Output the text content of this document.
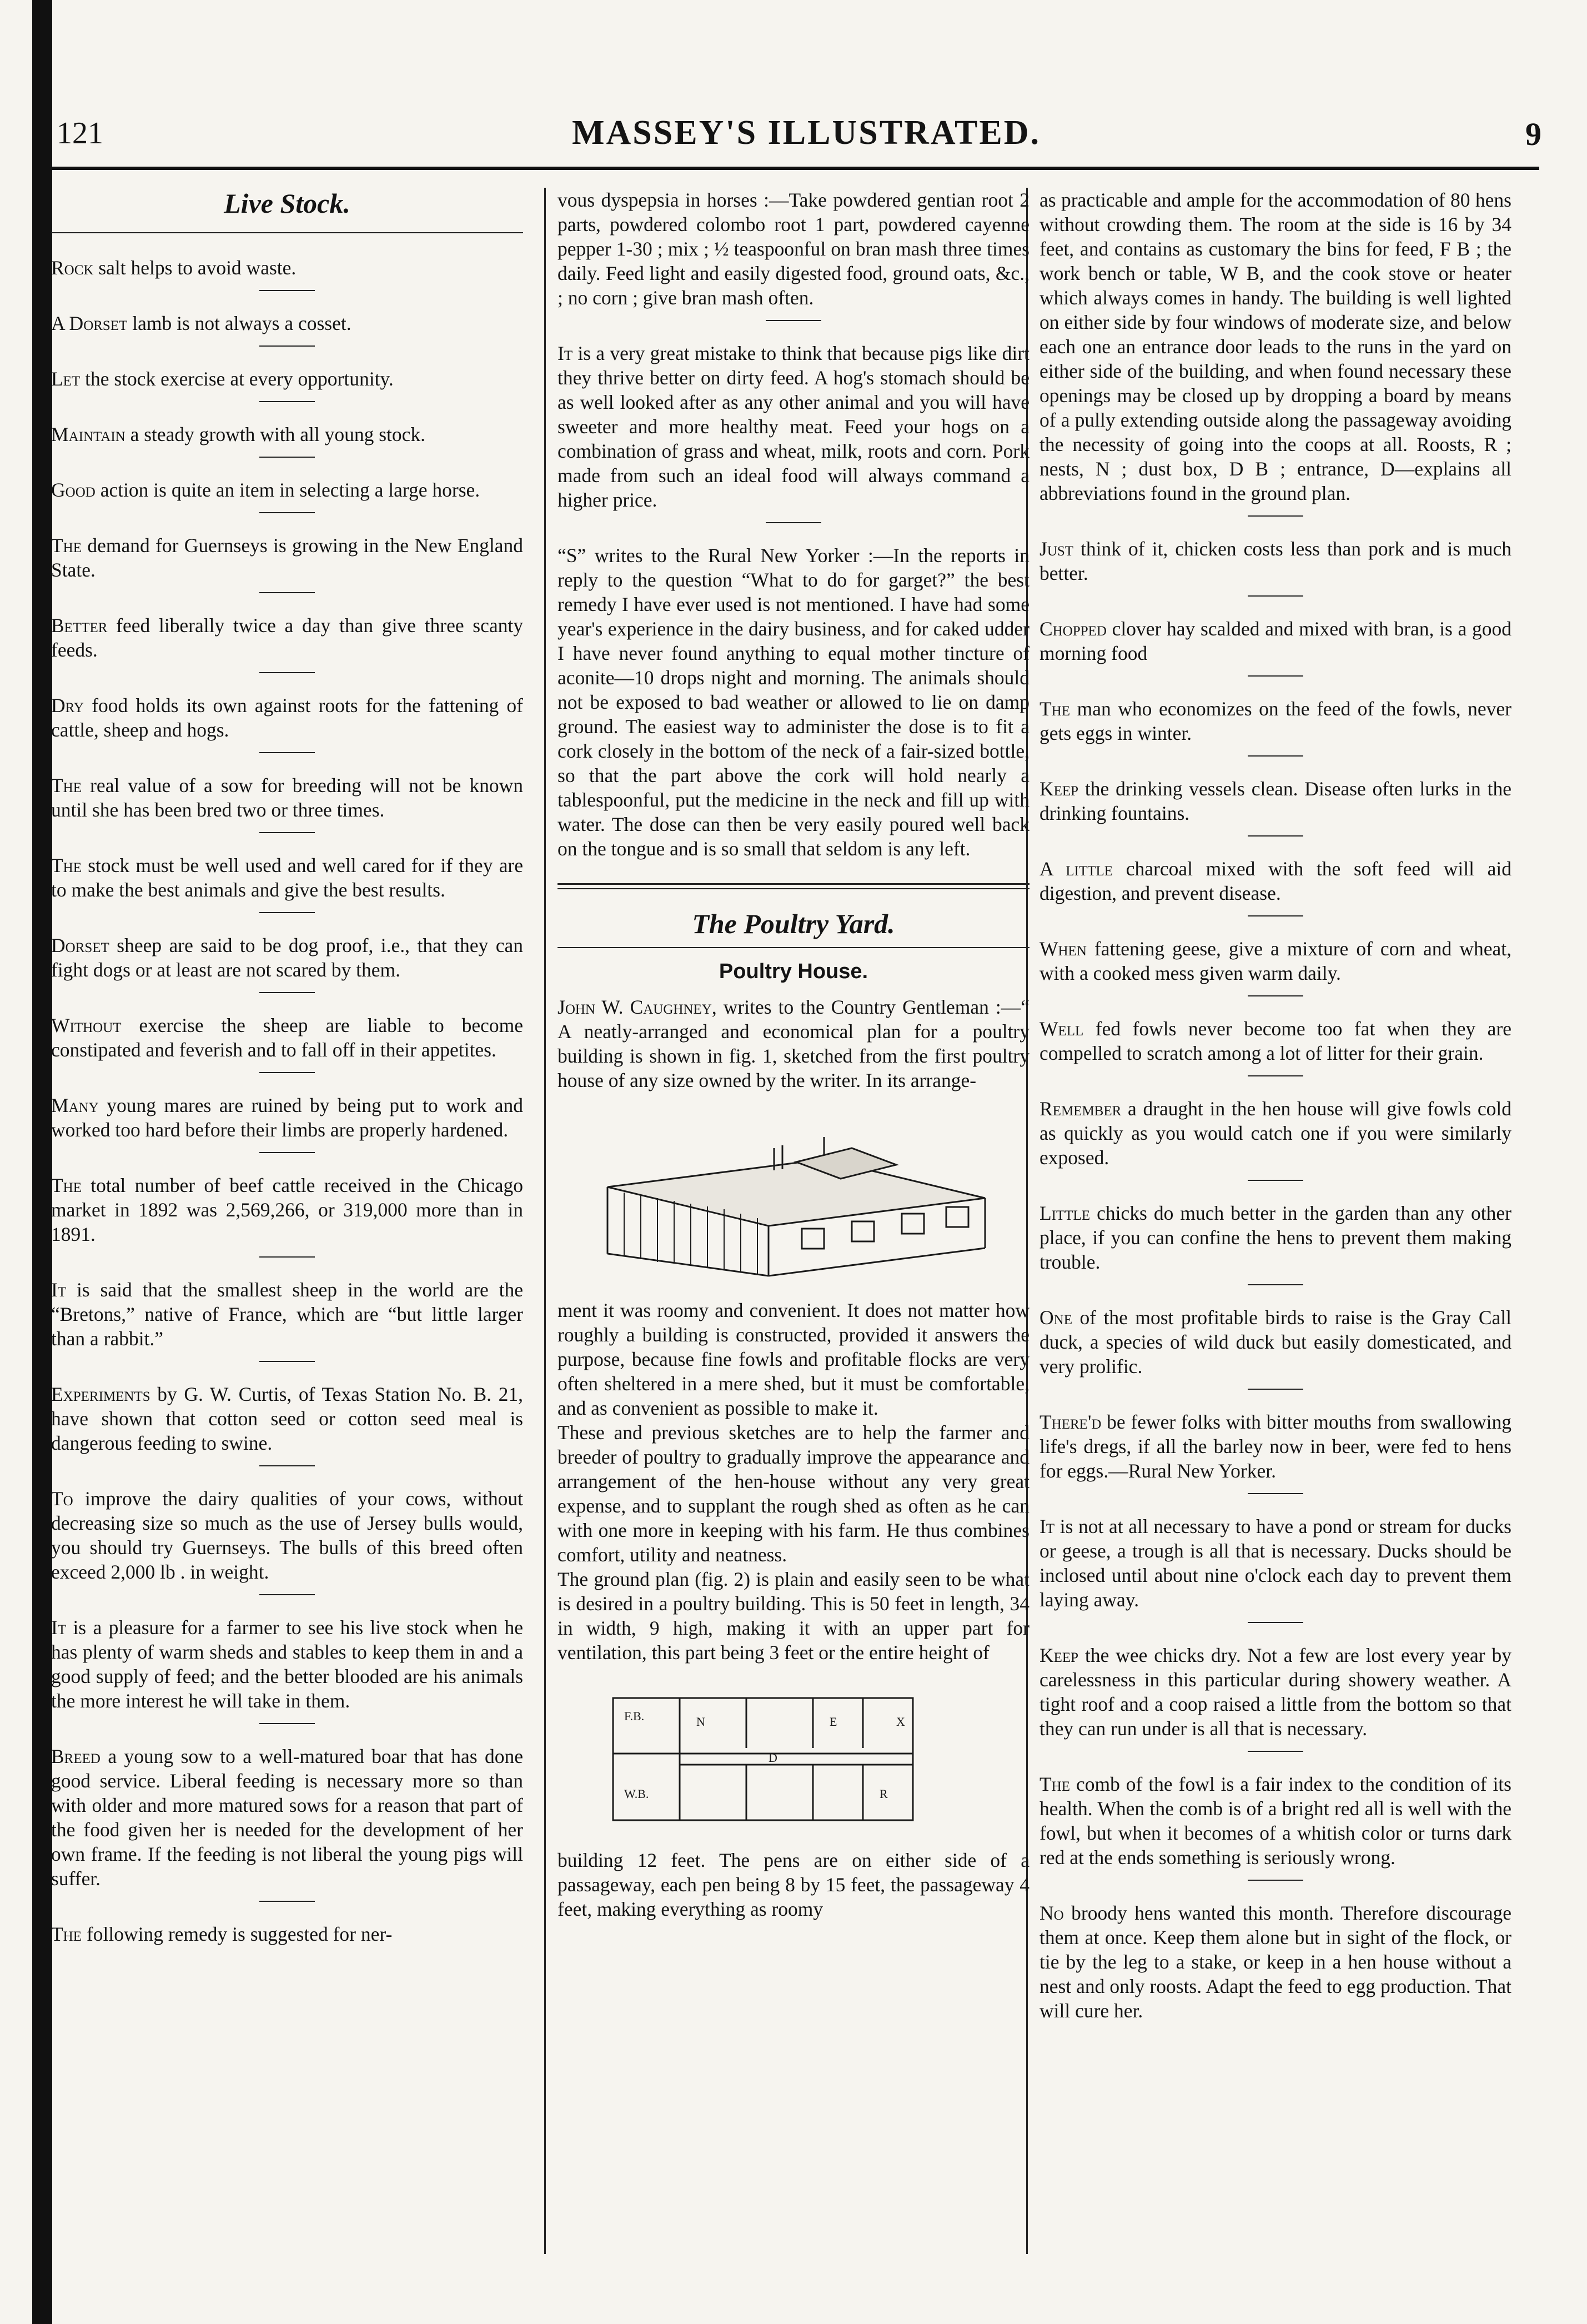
121	MASSEY'S ILLUSTRATED.	9
Live Stock.

Rock salt helps to avoid waste.

A Dorset lamb is not always a cosset.

Let the stock exercise at every opportunity.

Maintain a steady growth with all young stock.

Good action is quite an item in selecting a large horse.

The demand for Guernseys is growing in the New England State.

Better feed liberally twice a day than give three scanty feeds.

Dry food holds its own against roots for the fattening of cattle, sheep and hogs.

The real value of a sow for breeding will not be known until she has been bred two or three times.

The stock must be well used and well cared for if they are to make the best animals and give the best results.

Dorset sheep are said to be dog proof, i.e., that they can fight dogs or at least are not scared by them.

Without exercise the sheep are liable to become constipated and feverish and to fall off in their appetites.

Many young mares are ruined by being put to work and worked too hard before their limbs are properly hardened.

The total number of beef cattle received in the Chicago market in 1892 was 2,569,266, or 319,000 more than in 1891.

It is said that the smallest sheep in the world are the “Bretons,” native of France, which are “but little larger than a rabbit.”

Experiments by G. W. Curtis, of Texas Station No. B. 21, have shown that cotton seed or cotton seed meal is dangerous feeding to swine.

To improve the dairy qualities of your cows, without decreasing size so much as the use of Jersey bulls would, you should try Guernseys. The bulls of this breed often exceed 2,000 lb . in weight.

It is a pleasure for a farmer to see his live stock when he has plenty of warm sheds and stables to keep them in and a good supply of feed; and the better blooded are his animals the more interest he will take in them.

Breed a young sow to a well-matured boar that has done good service. Liberal feeding is necessary more so than with older and more matured sows for a reason that part of the food given her is needed for the development of her own frame. If the feeding is not liberal the young pigs will suffer.

The following remedy is suggested for ner-

vous dyspepsia in horses :—Take powdered gentian root 2 parts, powdered colombo root 1 part, powdered cayenne pepper 1-30 ; mix ; ½ teaspoonful on bran mash three times daily. Feed light and easily digested food, ground oats, &c., ; no corn ; give bran mash often.

It is a very great mistake to think that because pigs like dirt they thrive better on dirty feed. A hog's stomach should be as well looked after as any other animal and you will have sweeter and more healthy meat. Feed your hogs on a combination of grass and wheat, milk, roots and corn. Pork made from such an ideal food will always command a higher price.

“S” writes to the Rural New Yorker :—In the reports in reply to the question “What to do for garget?” the best remedy I have ever used is not mentioned. I have had some year's experience in the dairy business, and for caked udder I have never found anything to equal mother tincture of aconite—10 drops night and morning. The animals should not be exposed to bad weather or allowed to lie on damp ground. The easiest way to administer the dose is to fit a cork closely in the bottom of the neck of a fair-sized bottle, so that the part above the cork will hold nearly a tablespoonful, put the medicine in the neck and fill up with water. The dose can then be very easily poured well back on the tongue and is so small that seldom is any left.

The Poultry Yard.
Poultry House.

John W. Caughney, writes to the Country Gentleman :—“ A neatly-arranged and economical plan for a poultry building is shown in fig. 1, sketched from the first poultry house of any size owned by the writer. In its arrange-

ment it was roomy and convenient. It does not matter how roughly a building is constructed, provided it answers the purpose, because fine fowls and profitable flocks are very often sheltered in a mere shed, but it must be comfortable, and as convenient as possible to make it.

These and previous sketches are to help the farmer and breeder of poultry to gradually improve the appearance and arrangement of the hen-house without any very great expense, and to supplant the rough shed as often as he can with one more in keeping with his farm. He thus combines comfort, utility and neatness.

The ground plan (fig. 2) is plain and easily seen to be what is desired in a poultry building. This is 50 feet in length, 34 in width, 9 high, making it with an upper part for ventilation, this part being 3 feet or the entire height of

F.B.
W.B.
N
D
E
R
X

building 12 feet. The pens are on either side of a passageway, each pen being 8 by 15 feet, the passageway 4 feet, making everything as roomy

as practicable and ample for the accommodation of 80 hens without crowding them. The room at the side is 16 by 34 feet, and contains as customary the bins for feed, F B ; the work bench or table, W B, and the cook stove or heater which always comes in handy. The building is well lighted on either side by four windows of moderate size, and below each one an entrance door leads to the runs in the yard on either side of the building, and when found necessary these openings may be closed up by dropping a board by means of a pully extending outside along the passageway avoiding the necessity of going into the coops at all. Roosts, R ; nests, N ; dust box, D B ; entrance, D—explains all abbreviations found in the ground plan.

Just think of it, chicken costs less than pork and is much better.

Chopped clover hay scalded and mixed with bran, is a good morning food

The man who economizes on the feed of the fowls, never gets eggs in winter.

Keep the drinking vessels clean. Disease often lurks in the drinking fountains.

A little charcoal mixed with the soft feed will aid digestion, and prevent disease.

When fattening geese, give a mixture of corn and wheat, with a cooked mess given warm daily.

Well fed fowls never become too fat when they are compelled to scratch among a lot of litter for their grain.

Remember a draught in the hen house will give fowls cold as quickly as you would catch one if you were similarly exposed.

Little chicks do much better in the garden than any other place, if you can confine the hens to prevent them making trouble.

One of the most profitable birds to raise is the Gray Call duck, a species of wild duck but easily domesticated, and very prolific.

There'd be fewer folks with bitter mouths from swallowing life's dregs, if all the barley now in beer, were fed to hens for eggs.—Rural New Yorker.

It is not at all necessary to have a pond or stream for ducks or geese, a trough is all that is necessary. Ducks should be inclosed until about nine o'clock each day to prevent them laying away.

Keep the wee chicks dry. Not a few are lost every year by carelessness in this particular during showery weather. A tight roof and a coop raised a little from the bottom so that they can run under is all that is necessary.

The comb of the fowl is a fair index to the condition of its health. When the comb is of a bright red all is well with the fowl, but when it becomes of a whitish color or turns dark red at the ends something is seriously wrong.

No broody hens wanted this month. Therefore discourage them at once. Keep them alone but in sight of the flock, or tie by the leg to a stake, or keep in a hen house without a nest and only roosts. Adapt the feed to egg production. That will cure her.
